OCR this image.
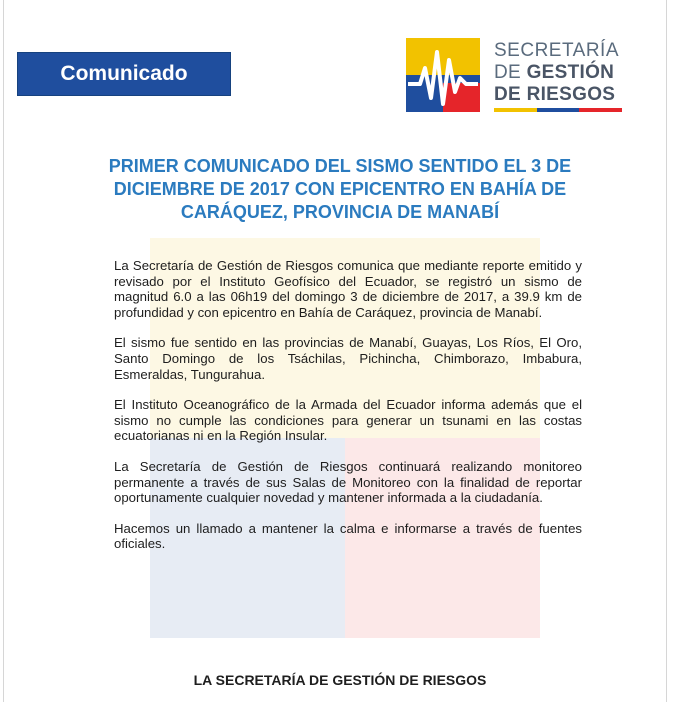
Comunicado
SECRETARÍA
DE GESTIÓN
DE RIESGOS
PRIMER COMUNICADO DEL SISMO SENTIDO EL 3 DE DICIEMBRE DE 2017 CON EPICENTRO EN BAHÍA DE CARÁQUEZ, PROVINCIA DE MANABÍ

La Secretaría de Gestión de Riesgos comunica que mediante reporte emitido y revisado por el Instituto Geofísico del Ecuador, se registró un sismo de magnitud 6.0 a las 06h19 del domingo 3 de diciembre de 2017, a 39.9 km de profundidad y con epicentro en Bahía de Caráquez, provincia de Manabí.

El sismo fue sentido en las provincias de Manabí, Guayas, Los Ríos, El Oro, Santo Domingo de los Tsáchilas, Pichincha, Chimborazo, Imbabura, Esmeraldas, Tungurahua.

El Instituto Oceanográfico de la Armada del Ecuador informa además que el sismo no cumple las condiciones para generar un tsunami en las costas ecuatorianas ni en la Región Insular.

La Secretaría de Gestión de Riesgos continuará realizando monitoreo permanente a través de sus Salas de Monitoreo con la finalidad de reportar oportunamente cualquier novedad y mantener informada a la ciudadanía.

Hacemos un llamado a mantener la calma e informarse a través de fuentes oficiales.

LA SECRETARÍA DE GESTIÓN DE RIESGOS
